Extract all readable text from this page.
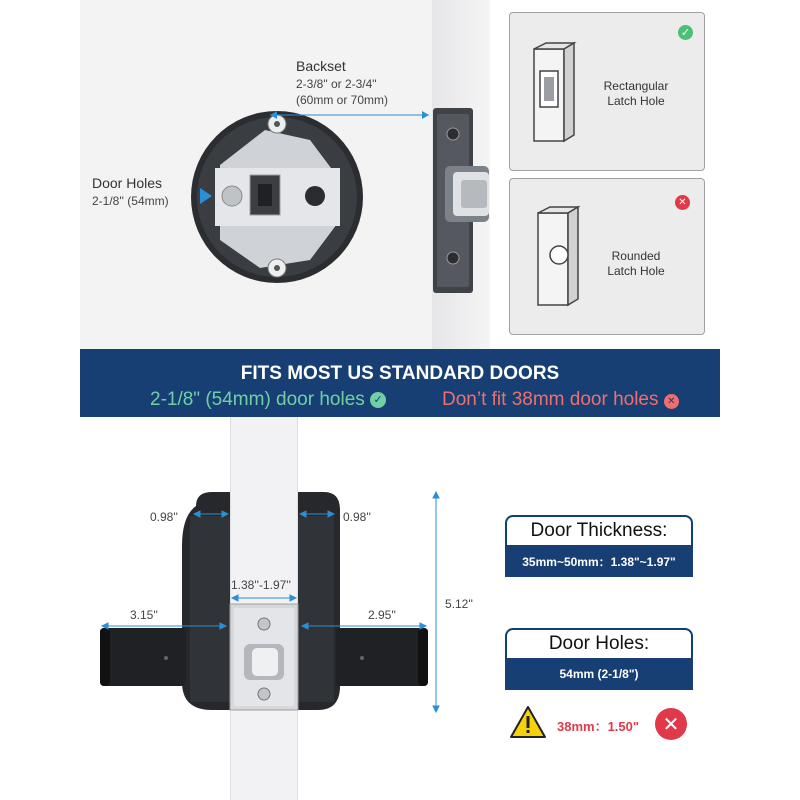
Backset
2-3/8" or 2-3/4"
(60mm or 70mm)
Door Holes
2-1/8'' (54mm)
✓
Rectangular
Latch Hole
✕
Rounded
Latch Hole
FITS MOST US STANDARD DOORS
2-1/8" (54mm) door holes ✓	Don’t fit 38mm door holes ✕
0.98''	0.98''
1.38''-1.97''
3.15''	2.95''
5.12''
Door Thickness:
35mm~50mm：1.38"~1.97"
Door Holes:
54mm (2-1/8")
38mm：1.50"	✕
